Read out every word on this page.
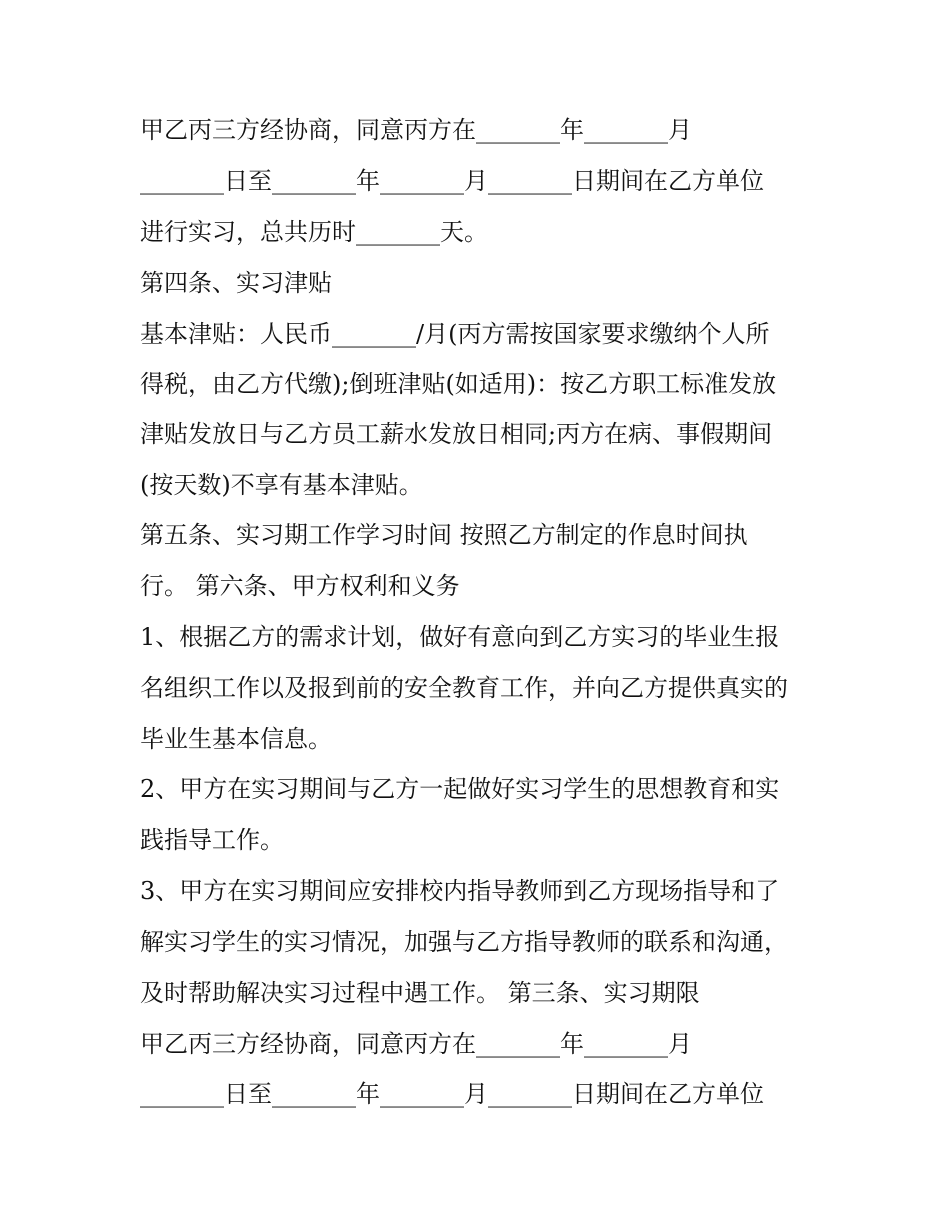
甲乙丙三方经协商，同意丙方在_______年_______月
_______日至_______年_______月_______日期间在乙方单位
进行实习，总共历时_______天。
第四条、实习津贴
基本津贴：人民币_______/月(丙方需按国家要求缴纳个人所
得税，由乙方代缴);倒班津贴(如适用)：按乙方职工标准发放
津贴发放日与乙方员工薪水发放日相同;丙方在病、事假期间
(按天数)不享有基本津贴。
第五条、实习期工作学习时间 按照乙方制定的作息时间执
行。 第六条、甲方权利和义务
1、根据乙方的需求计划，做好有意向到乙方实习的毕业生报
名组织工作以及报到前的安全教育工作，并向乙方提供真实的
毕业生基本信息。
2、甲方在实习期间与乙方一起做好实习学生的思想教育和实
践指导工作。
3、甲方在实习期间应安排校内指导教师到乙方现场指导和了
解实习学生的实习情况，加强与乙方指导教师的联系和沟通，
及时帮助解决实习过程中遇工作。 第三条、实习期限
甲乙丙三方经协商，同意丙方在_______年_______月
_______日至_______年_______月_______日期间在乙方单位
